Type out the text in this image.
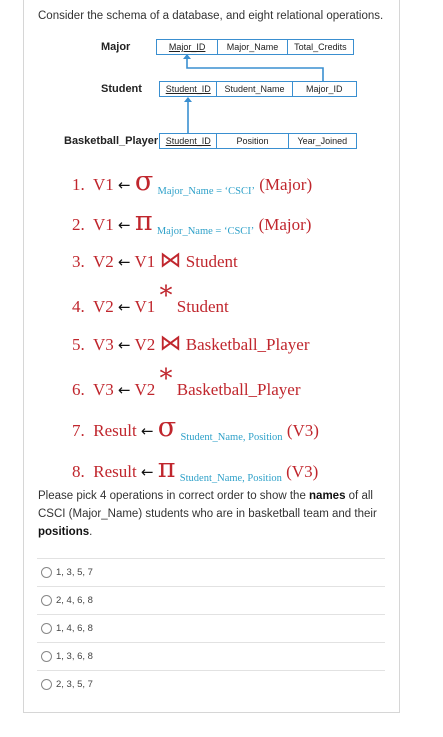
Consider the schema of a database, and eight relational operations.
Major	Major_ID	Major_Name	Total_Credits
Student	Student_ID	Student_Name	Major_ID
Basketball_Player Student_ID	Position	Year_Joined
1. V1 ← σ $_{Major\_Name = ‘CSCI’}$ (Major)
2. V1 ← π $_{Major\_Name = ‘CSCI’}$ (Major)
3. V2 ← V1 ⋈ Student
4. V2 ← V1 * Student
5. V3 ← V2 ⋈ Basketball_Player
6. V3 ← V2 * Basketball_Player
7. Result ← σ $_{Student\_Name, Position}$ (V3)
8. Result ← π $_{Student\_Name, Position}$ (V3)
Please pick 4 operations in correct order to show the names of all CSCI (Major_Name) students who are in basketball team and their positions.
1, 3, 5, 7
2, 4, 6, 8
1, 4, 6, 8
1, 3, 6, 8
2, 3, 5, 7
